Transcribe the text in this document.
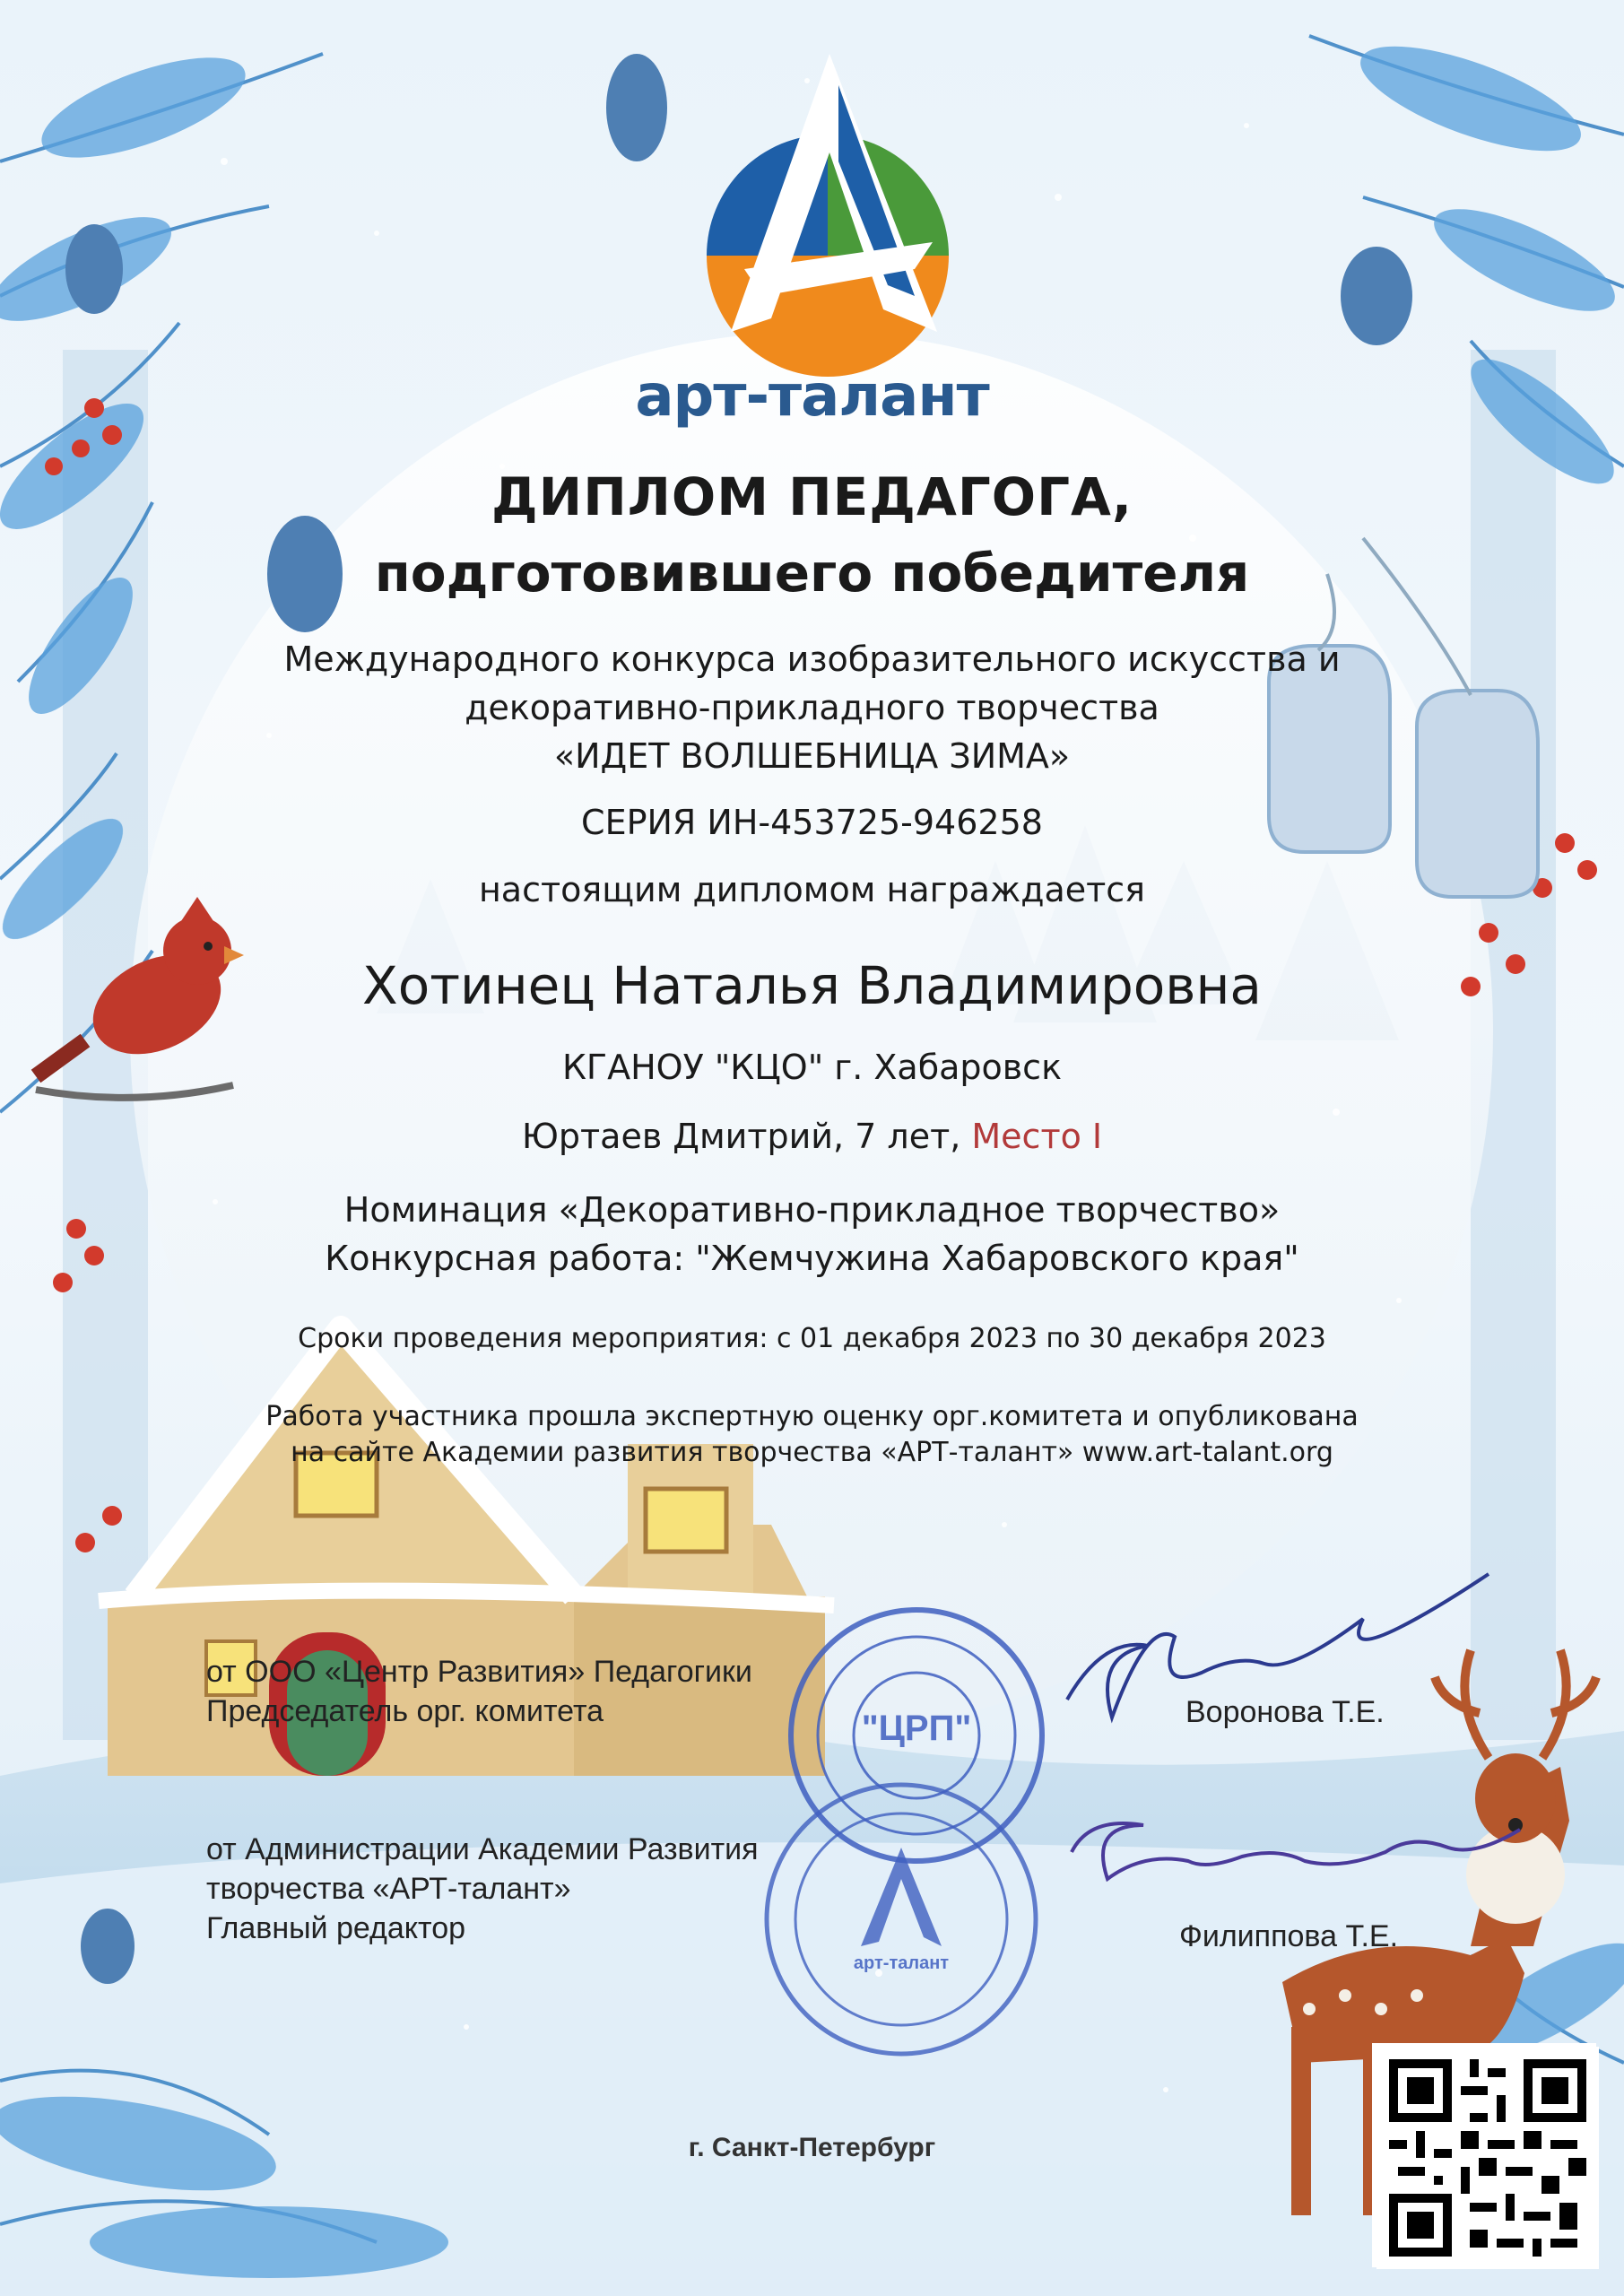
арт-талант
ДИПЛОМ ПЕДАГОГА,
подготовившего победителя
Международного конкурса изобразительного искусства и
декоративно-прикладного творчества
«ИДЕТ ВОЛШЕБНИЦА ЗИМА»
СЕРИЯ ИН-453725-946258
настоящим дипломом награждается
Хотинец Наталья Владимировна
КГАНОУ "КЦО" г. Хабаровск
Юртаев Дмитрий, 7 лет, Место I
Номинация «Декоративно-прикладное творчество»
Конкурсная работа: "Жемчужина Хабаровского края"
Сроки проведения мероприятия: с 01 декабря 2023 по 30 декабря 2023
Работа участника прошла экспертную оценку орг.комитета и опубликована
на сайте Академии развития творчества «АРТ-талант» www.art-talant.org
от ООО «Центр Развития» Педагогики
Председатель орг. комитета	Воронова Т.Е.
от Администрации Академии Развития
творчества «АРТ-талант»
Главный редактор	Филиппова Т.Е.
"ЦРП"
арт-талант
г. Санкт-Петербург
